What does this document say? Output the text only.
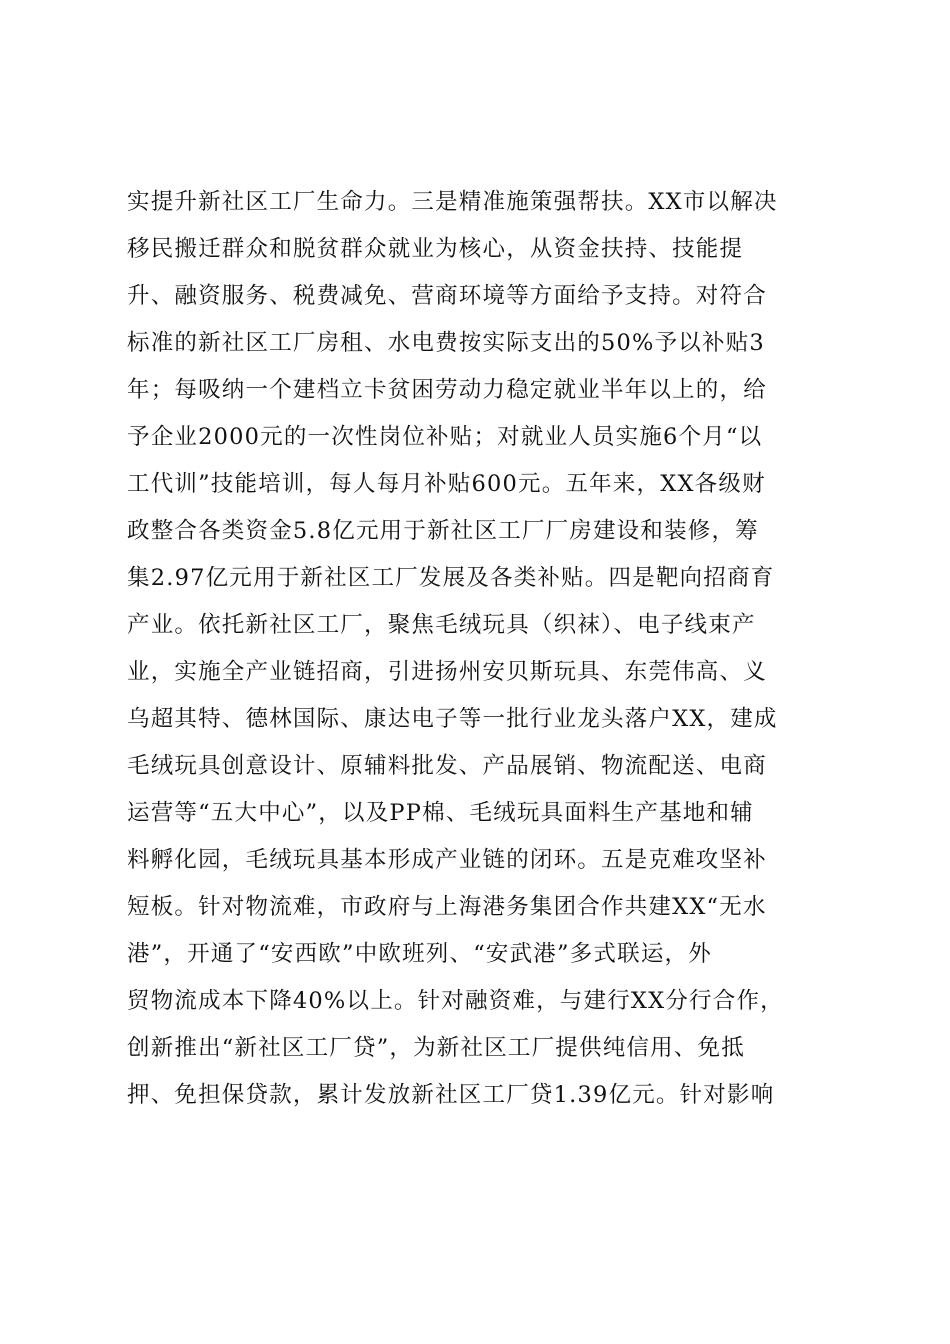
实提升新社区工厂生命力。三是精准施策强帮扶。XX市以解决
移民搬迁群众和脱贫群众就业为核心，从资金扶持、技能提
升、融资服务、税费减免、营商环境等方面给予支持。对符合
标准的新社区工厂房租、水电费按实际支出的50%予以补贴3
年；每吸纳一个建档立卡贫困劳动力稳定就业半年以上的，给
予企业2000元的一次性岗位补贴；对就业人员实施6个月“以
工代训”技能培训，每人每月补贴600元。五年来，XX各级财
政整合各类资金5.8亿元用于新社区工厂厂房建设和装修，筹
集2.97亿元用于新社区工厂发展及各类补贴。四是靶向招商育
产业。依托新社区工厂，聚焦毛绒玩具（织袜）、电子线束产
业，实施全产业链招商，引进扬州安贝斯玩具、东莞伟高、义
乌超其特、德林国际、康达电子等一批行业龙头落户XX，建成
毛绒玩具创意设计、原辅料批发、产品展销、物流配送、电商
运营等“五大中心”，以及PP棉、毛绒玩具面料生产基地和辅
料孵化园，毛绒玩具基本形成产业链的闭环。五是克难攻坚补
短板。针对物流难，市政府与上海港务集团合作共建XX“无水
港”，开通了“安西欧”中欧班列、“安武港”多式联运，外
贸物流成本下降40%以上。针对融资难，与建行XX分行合作，
创新推出“新社区工厂贷”，为新社区工厂提供纯信用、免抵
押、免担保贷款，累计发放新社区工厂贷1.39亿元。针对影响
